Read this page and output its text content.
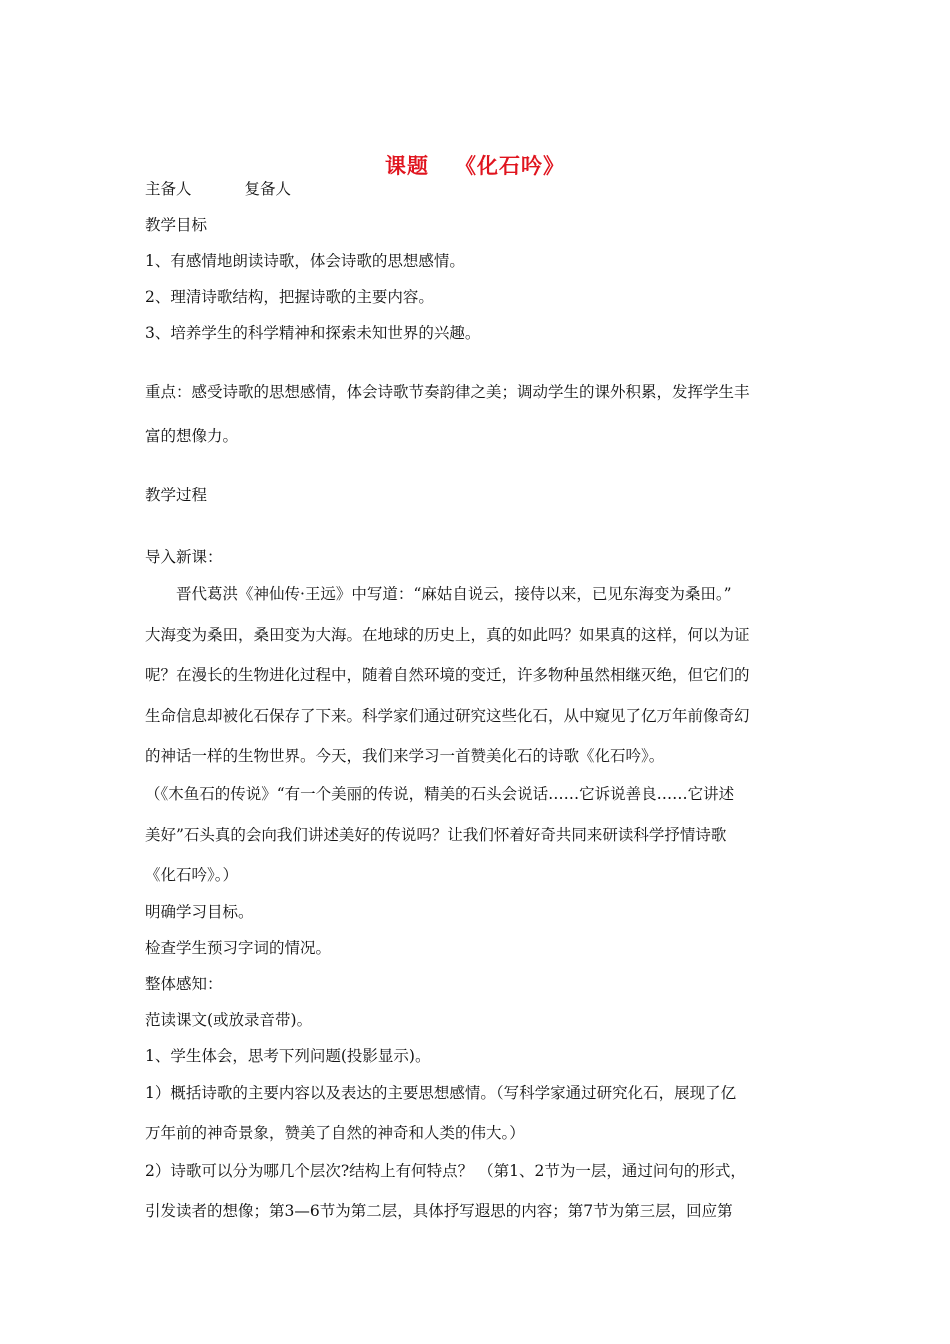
课题 《化石吟》
主备人	复备人
教学目标
1、有感情地朗读诗歌，体会诗歌的思想感情。
2、理清诗歌结构，把握诗歌的主要内容。
3、培养学生的科学精神和探索未知世界的兴趣。
重点：感受诗歌的思想感情，体会诗歌节奏韵律之美；调动学生的课外积累，发挥学生丰
富的想像力。
教学过程
导入新课：
　　晋代葛洪《神仙传·王远》中写道：“麻姑自说云，接侍以来，已见东海变为桑田。”
大海变为桑田，桑田变为大海。在地球的历史上，真的如此吗？如果真的这样，何以为证
呢？在漫长的生物进化过程中，随着自然环境的变迁，许多物种虽然相继灭绝，但它们的
生命信息却被化石保存了下来。科学家们通过研究这些化石，从中窥见了亿万年前像奇幻
的神话一样的生物世界。今天，我们来学习一首赞美化石的诗歌《化石吟》。
（《木鱼石的传说》“有一个美丽的传说，精美的石头会说话……它诉说善良……它讲述
美好”石头真的会向我们讲述美好的传说吗？让我们怀着好奇共同来研读科学抒情诗歌
《化石吟》。）
明确学习目标。
检查学生预习字词的情况。
整体感知：
范读课文(或放录音带)。
1、学生体会，思考下列问题(投影显示)。
1）概括诗歌的主要内容以及表达的主要思想感情。（写科学家通过研究化石，展现了亿
万年前的神奇景象，赞美了自然的神奇和人类的伟大。）
2）诗歌可以分为哪几个层次?结构上有何特点？ （第1、2节为一层，通过问句的形式，
引发读者的想像；第3—6节为第二层，具体抒写遐思的内容；第7节为第三层，回应第
